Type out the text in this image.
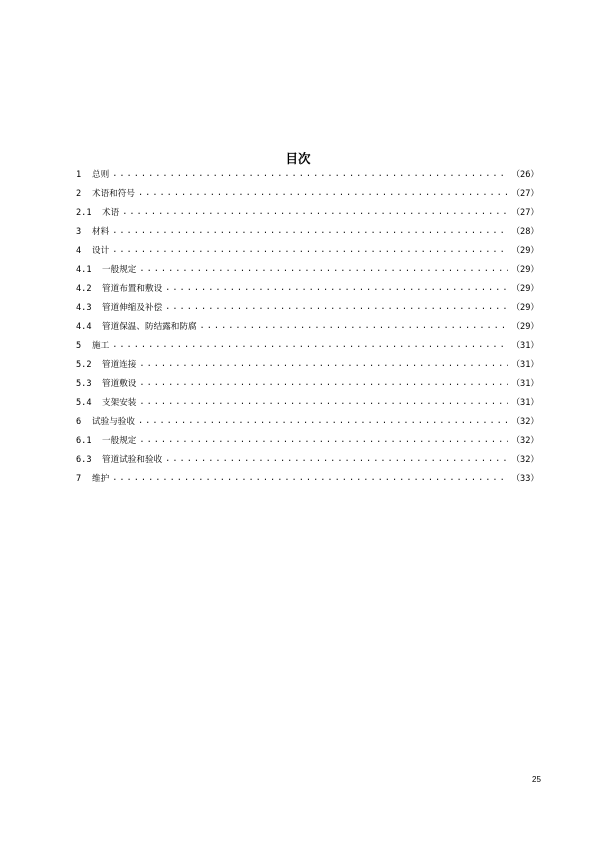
目次
1	总则 .....	（26）
2	术语和符号 .....	（27）
2.1	术语 .....	（27）
3	材料 .....	（28）
4	设计 .....	（29）
4.1	一般规定 .....	（29）
4.2	管道布置和敷设 .....	（29）
4.3	管道伸缩及补偿 .....	（29）
4.4	管道保温、防结露和防腐 .....	（29）
5	施工 .....	（31）
5.2	管道连接 .....	（31）
5.3	管道敷设 .....	（31）
5.4	支架安装 .....	（31）
6	试验与验收 .....	（32）
6.1	一般规定 .....	（32）
6.3	管道试验和验收 .....	（32）
7	维护 .....	（33）
25
